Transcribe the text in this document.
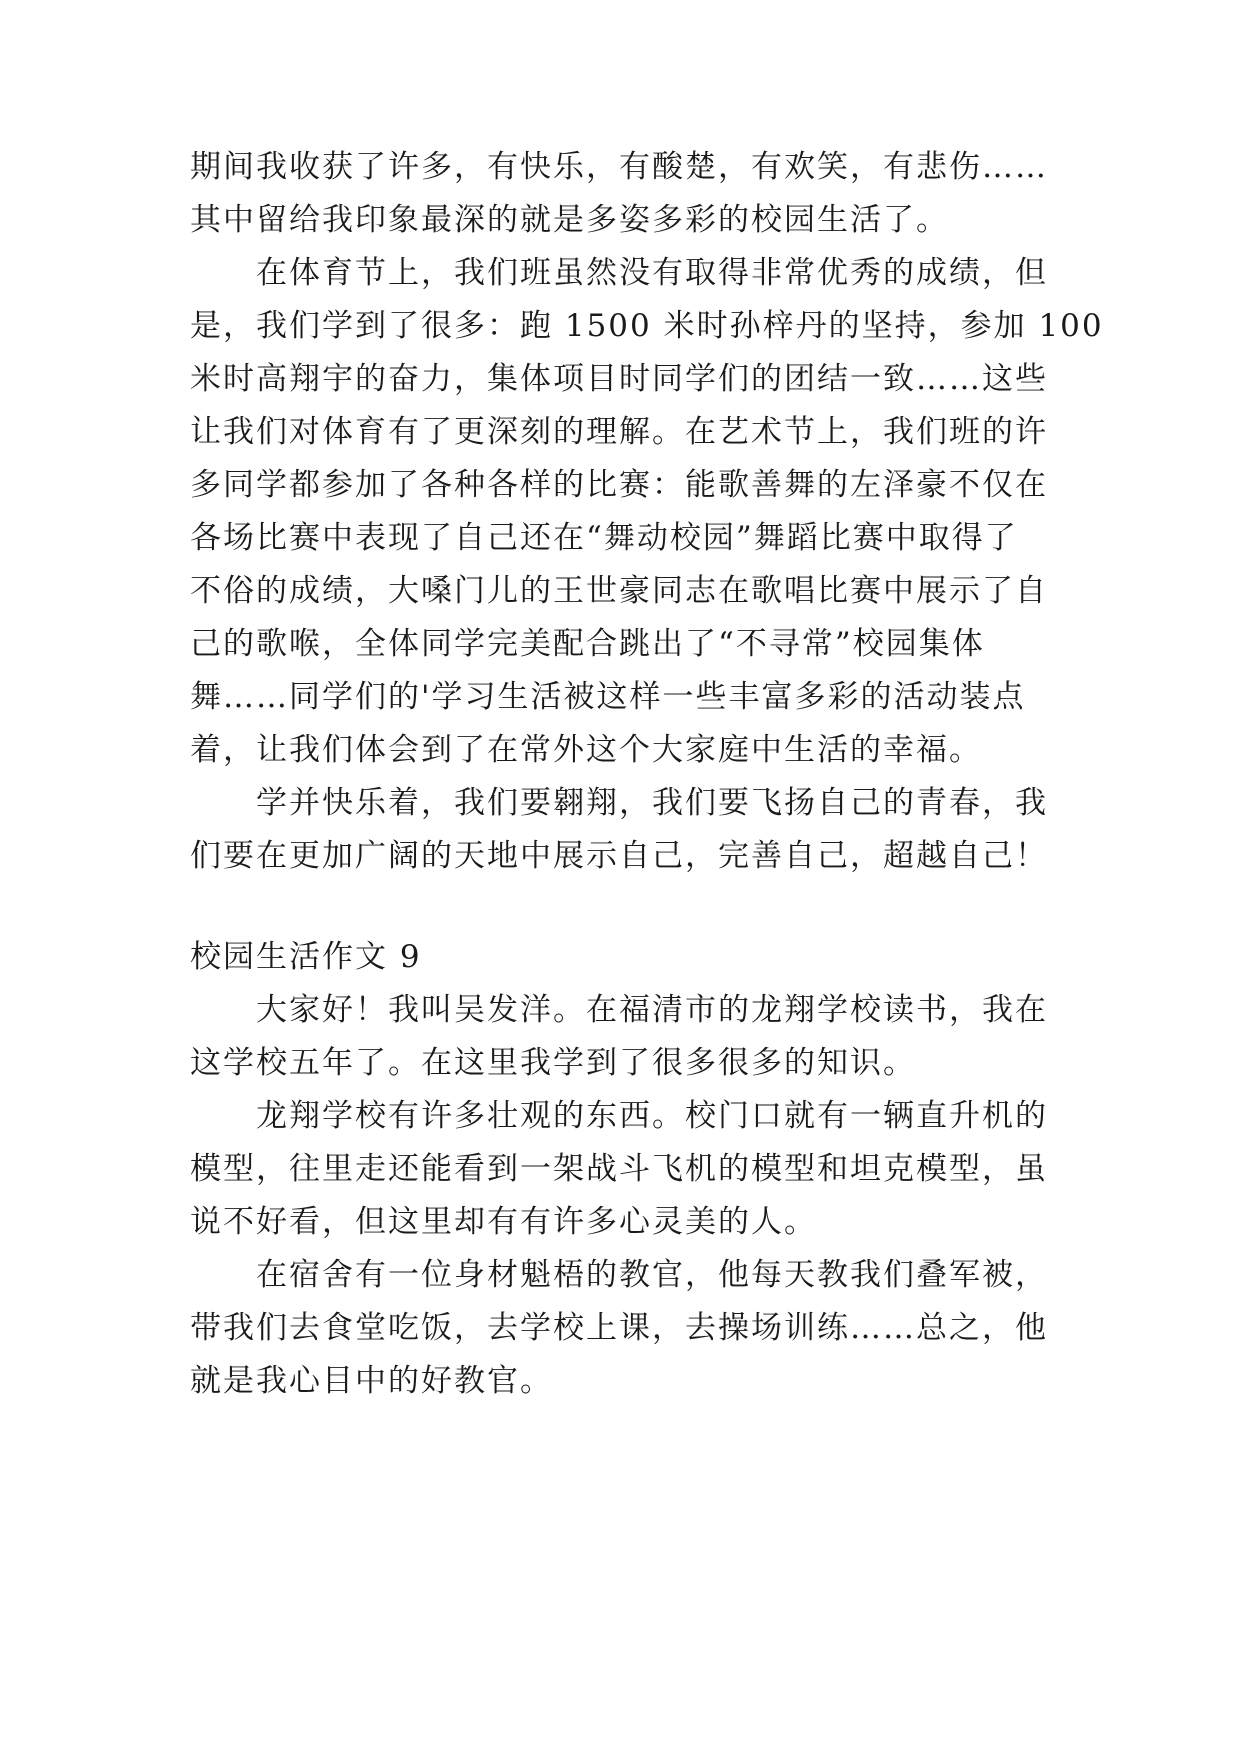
期间我收获了许多，有快乐，有酸楚，有欢笑，有悲伤……
其中留给我印象最深的就是多姿多彩的校园生活了。
在体育节上，我们班虽然没有取得非常优秀的成绩，但
是，我们学到了很多：跑 1500 米时孙梓丹的坚持，参加 100
米时高翔宇的奋力，集体项目时同学们的团结一致……这些
让我们对体育有了更深刻的理解。在艺术节上，我们班的许
多同学都参加了各种各样的比赛：能歌善舞的左泽豪不仅在
各场比赛中表现了自己还在“舞动校园”舞蹈比赛中取得了
不俗的成绩，大嗓门儿的王世豪同志在歌唱比赛中展示了自
己的歌喉，全体同学完美配合跳出了“不寻常”校园集体
舞……同学们的'学习生活被这样一些丰富多彩的活动装点
着，让我们体会到了在常外这个大家庭中生活的幸福。
学并快乐着，我们要翱翔，我们要飞扬自己的青春，我
们要在更加广阔的天地中展示自己，完善自己，超越自己！
校园生活作文 9
大家好！我叫吴发洋。在福清市的龙翔学校读书，我在
这学校五年了。在这里我学到了很多很多的知识。
龙翔学校有许多壮观的东西。校门口就有一辆直升机的
模型，往里走还能看到一架战斗飞机的模型和坦克模型，虽
说不好看，但这里却有有许多心灵美的人。
在宿舍有一位身材魁梧的教官，他每天教我们叠军被，
带我们去食堂吃饭，去学校上课，去操场训练……总之，他
就是我心目中的好教官。
